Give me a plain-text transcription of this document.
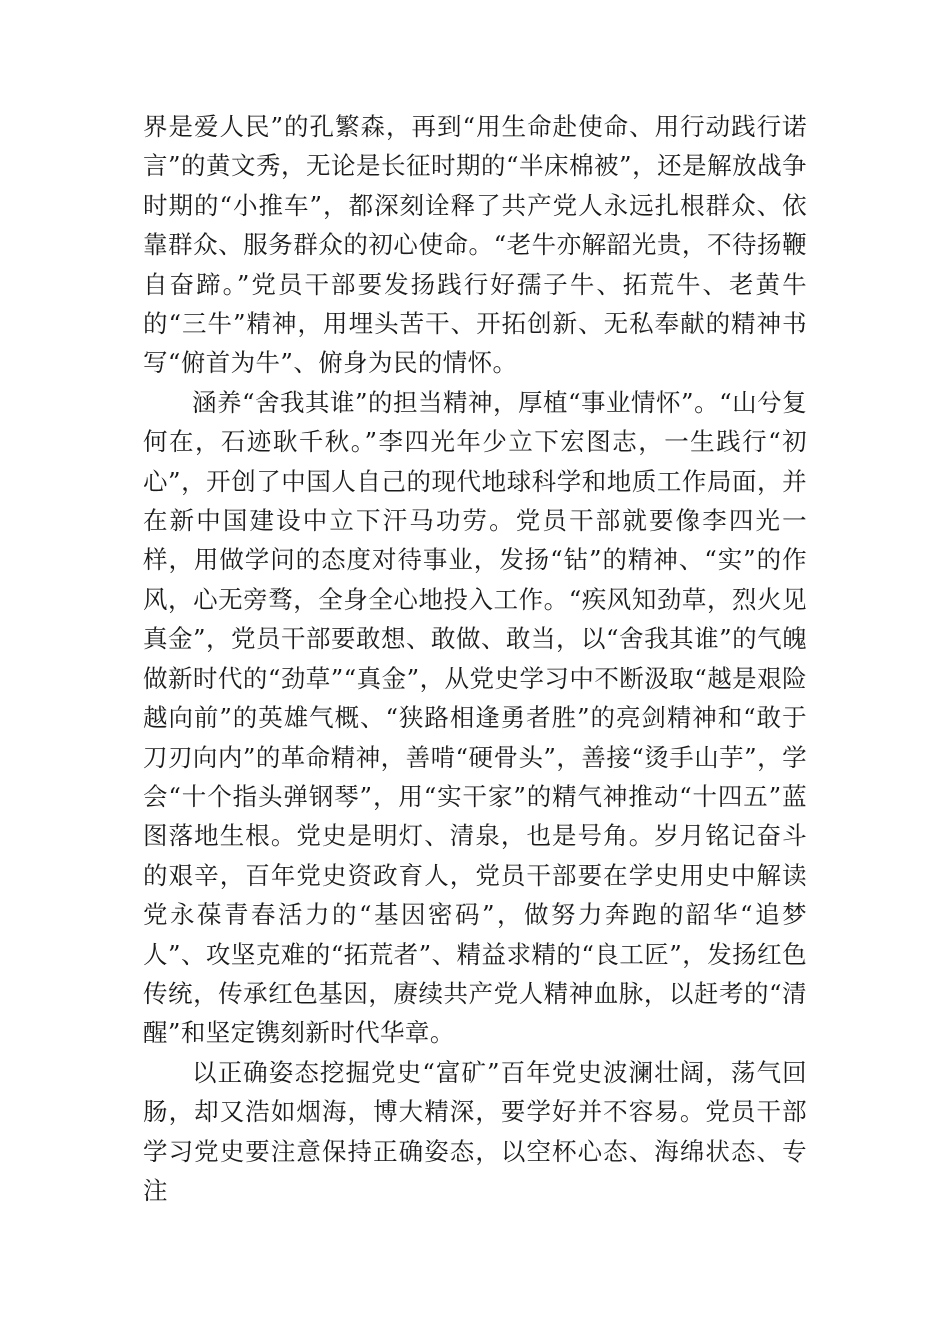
界是爱人民”的孔繁森，再到“用生命赴使命、用行动践行诺言”的黄文秀，无论是长征时期的“半床棉被”，还是解放战争时期的“小推车”，都深刻诠释了共产党人永远扎根群众、依靠群众、服务群众的初心使命。“老牛亦解韶光贵，不待扬鞭自奋蹄。”党员干部要发扬践行好孺子牛、拓荒牛、老黄牛的“三牛”精神，用埋头苦干、开拓创新、无私奉献的精神书写“俯首为牛”、俯身为民的情怀。

涵养“舍我其谁”的担当精神，厚植“事业情怀”。“山兮复何在，石迹耿千秋。”李四光年少立下宏图志，一生践行“初心”，开创了中国人自己的现代地球科学和地质工作局面，并在新中国建设中立下汗马功劳。党员干部就要像李四光一样，用做学问的态度对待事业，发扬“钻”的精神、“实”的作风，心无旁骛，全身全心地投入工作。“疾风知劲草，烈火见真金”，党员干部要敢想、敢做、敢当，以“舍我其谁”的气魄做新时代的“劲草”“真金”，从党史学习中不断汲取“越是艰险越向前”的英雄气概、“狭路相逢勇者胜”的亮剑精神和“敢于刀刃向内”的革命精神，善啃“硬骨头”，善接“烫手山芋”，学会“十个指头弹钢琴”，用“实干家”的精气神推动“十四五”蓝图落地生根。党史是明灯、清泉，也是号角。岁月铭记奋斗的艰辛，百年党史资政育人，党员干部要在学史用史中解读党永葆青春活力的“基因密码”，做努力奔跑的韶华“追梦人”、攻坚克难的“拓荒者”、精益求精的“良工匠”，发扬红色传统，传承红色基因，赓续共产党人精神血脉，以赶考的“清醒”和坚定镌刻新时代华章。

以正确姿态挖掘党史“富矿”百年党史波澜壮阔，荡气回肠，却又浩如烟海，博大精深，要学好并不容易。党员干部学习党史要注意保持正确姿态，以空杯心态、海绵状态、专注
